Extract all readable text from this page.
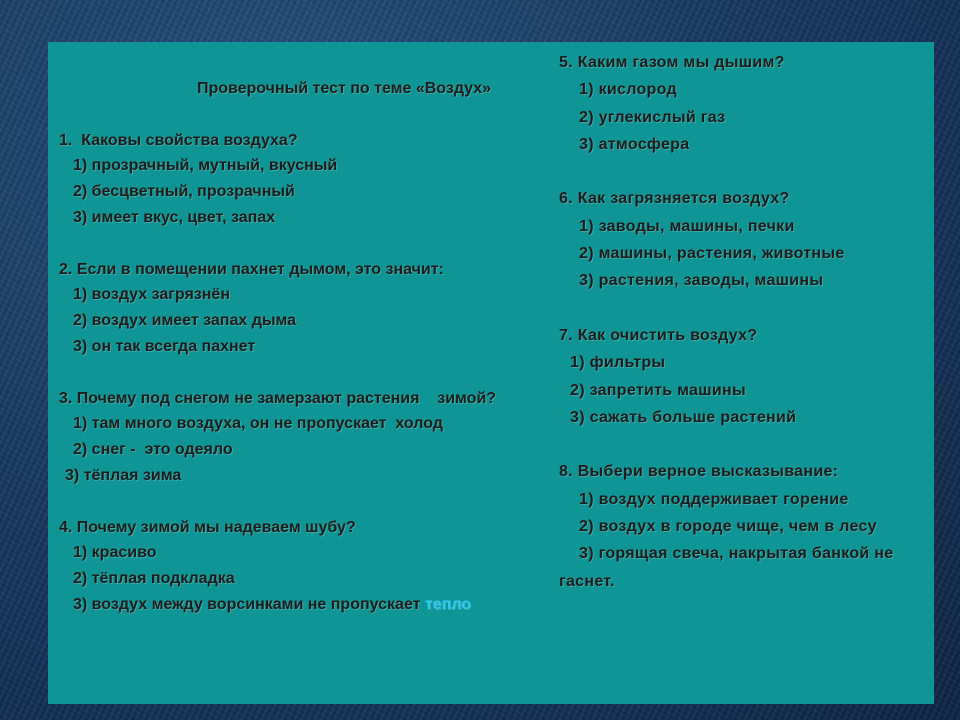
Проверочный тест по теме «Воздух»
1.  Каковы свойства воздуха?
1) прозрачный, мутный, вкусный
2) бесцветный, прозрачный
3) имеет вкус, цвет, запах
2. Если в помещении пахнет дымом, это значит:
1) воздух загрязнён
2) воздух имеет запах дыма
3) он так всегда пахнет
3. Почему под снегом не замерзают растения    зимой?
1) там много воздуха, он не пропускает  холод
2) снег -  это одеяло
3) тёплая зима
4. Почему зимой мы надеваем шубу?
1) красиво
2) тёплая подкладка
3) воздух между ворсинками не пропускает тепло
5. Каким газом мы дышим?
1) кислород
2) углекислый газ
3) атмосфера
6. Как загрязняется воздух?
1) заводы, машины, печки
2) машины, растения, животные
3) растения, заводы, машины
7. Как очистить воздух?
1) фильтры
2) запретить машины
3) сажать больше растений
8. Выбери верное высказывание:
1) воздух поддерживает горение
2) воздух в городе чище, чем в лесу
3) горящая свеча, накрытая банкой не
гаснет.
